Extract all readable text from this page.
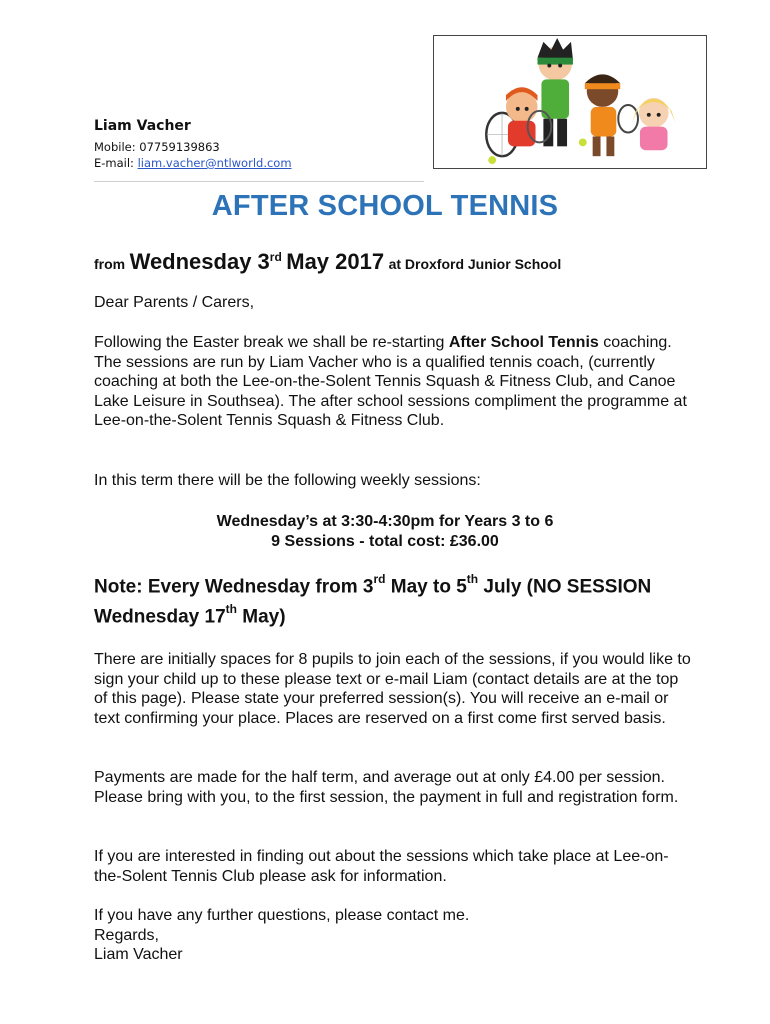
Liam Vacher
Mobile: 07759139863
E-mail: liam.vacher@ntlworld.com
AFTER SCHOOL TENNIS
from Wednesday 3rd May 2017 at Droxford Junior School
Dear Parents / Carers,
Following the Easter break we shall be re-starting After School Tennis coaching. The sessions are run by Liam Vacher who is a qualified tennis coach, (currently coaching at both the Lee-on-the-Solent Tennis Squash & Fitness Club, and Canoe Lake Leisure in Southsea). The after school sessions compliment the programme at Lee-on-the-Solent Tennis Squash & Fitness Club.
In this term there will be the following weekly sessions:
Wednesday’s at 3:30-4:30pm for Years 3 to 6
9 Sessions - total cost: £36.00
Note: Every Wednesday from 3rd May to 5th July (NO SESSION Wednesday 17th May)
There are initially spaces for 8 pupils to join each of the sessions, if you would like to sign your child up to these please text or e-mail Liam (contact details are at the top of this page). Please state your preferred session(s). You will receive an e-mail or text confirming your place. Places are reserved on a first come first served basis.
Payments are made for the half term, and average out at only £4.00 per session. Please bring with you, to the first session, the payment in full and registration form.
If you are interested in finding out about the sessions which take place at Lee-on-the-Solent Tennis Club please ask for information.
If you have any further questions, please contact me.
Regards,
Liam Vacher
